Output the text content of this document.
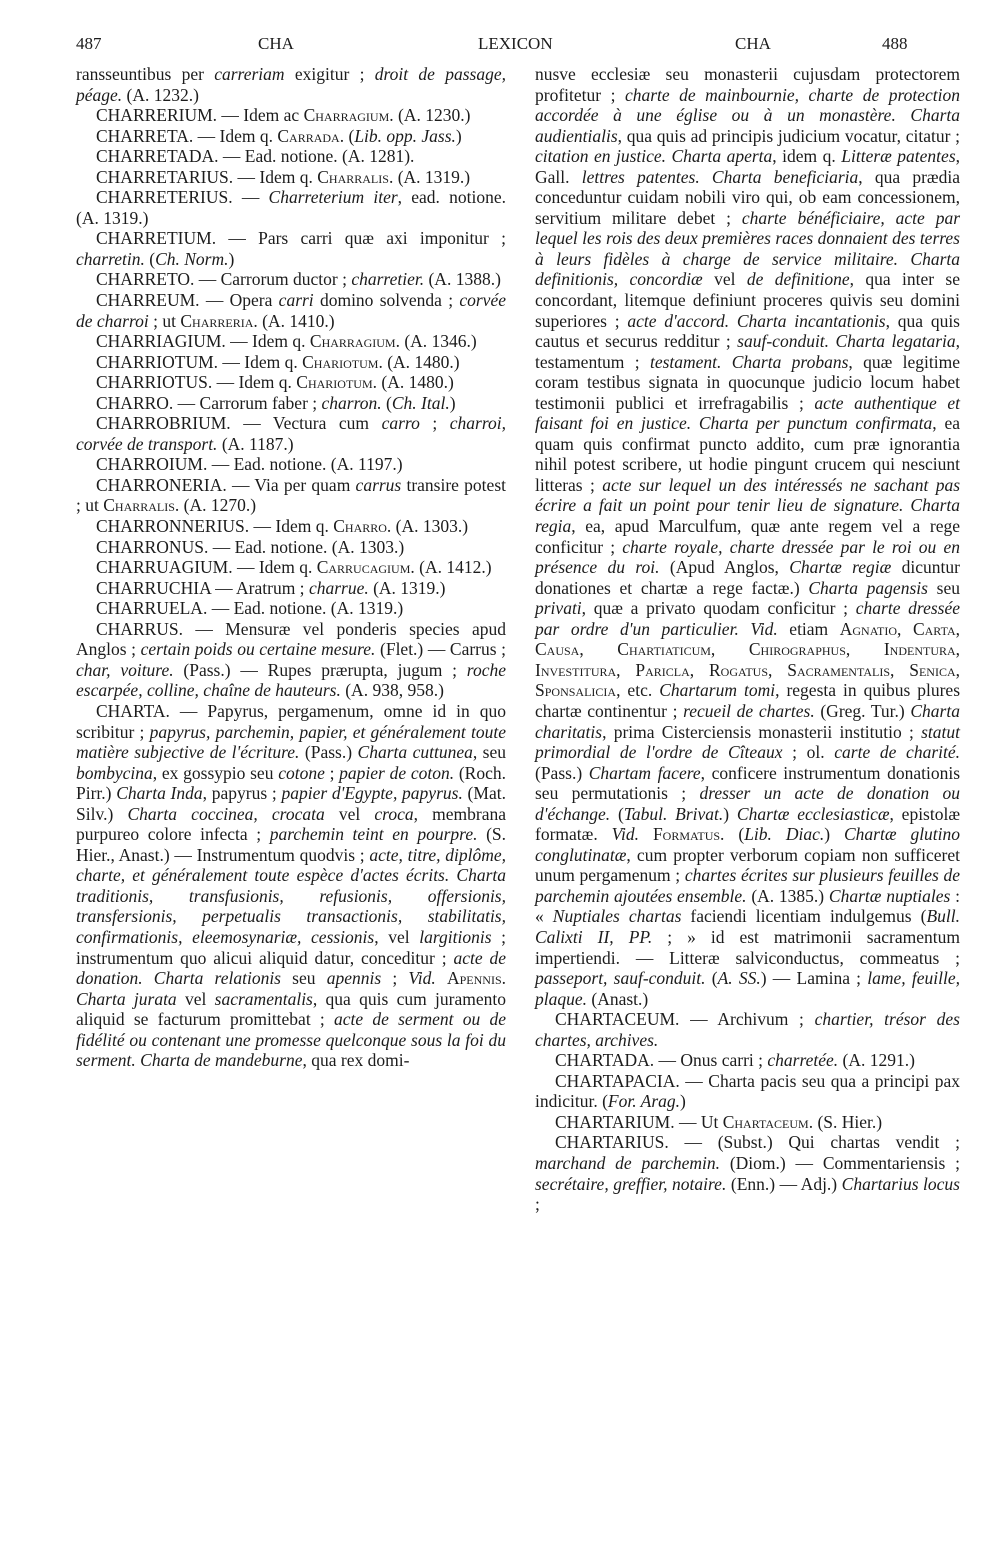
487	CHA	LEXICON	CHA	488

ransseuntibus per carreriam exigitur ; droit de passage, péage. (A. 1232.)

CHARRERIUM. — Idem ac Charragium. (A. 1230.)

CHARRETA. — Idem q. Carrada. (Lib. opp. Jass.)

CHARRETADA. — Ead. notione. (A. 1281).

CHARRETARIUS. — Idem q. Charralis. (A. 1319.)

CHARRETERIUS. — Charreterium iter, ead. notione. (A. 1319.)

CHARRETIUM. — Pars carri quæ axi imponitur ; charretin. (Ch. Norm.)

CHARRETO. — Carrorum ductor ; charretier. (A. 1388.)

CHARREUM. — Opera carri domino solvenda ; corvée de charroi ; ut Charreria. (A. 1410.)

CHARRIAGIUM. — Idem q. Charragium. (A. 1346.)

CHARRIOTUM. — Idem q. Chariotum. (A. 1480.)

CHARRIOTUS. — Idem q. Chariotum. (A. 1480.)

CHARRO. — Carrorum faber ; charron. (Ch. Ital.)

CHARROBRIUM. — Vectura cum carro ; charroi, corvée de transport. (A. 1187.)

CHARROIUM. — Ead. notione. (A. 1197.)

CHARRONERIA. — Via per quam carrus transire potest ; ut Charralis. (A. 1270.)

CHARRONNERIUS. — Idem q. Charro. (A. 1303.)

CHARRONUS. — Ead. notione. (A. 1303.)

CHARRUAGIUM. — Idem q. Carrucagium. (A. 1412.)

CHARRUCHIA — Aratrum ; charrue. (A. 1319.)

CHARRUELA. — Ead. notione. (A. 1319.)

CHARRUS. — Mensuræ vel ponderis species apud Anglos ; certain poids ou certaine mesure. (Flet.) — Carrus ; char, voiture. (Pass.) — Rupes prærupta, jugum ; roche escarpée, colline, chaîne de hauteurs. (A. 938, 958.)

CHARTA. — Papyrus, pergamenum, omne id in quo scribitur ; papyrus, parchemin, papier, et généralement toute matière subjective de l'écriture. (Pass.) Charta cuttunea, seu bombycina, ex gossypio seu cotone ; papier de coton. (Roch. Pirr.) Charta Inda, papyrus ; papier d'Egypte, papyrus. (Mat. Silv.) Charta coccinea, crocata vel croca, membrana purpureo colore infecta ; parchemin teint en pourpre. (S. Hier., Anast.) — Instrumentum quodvis ; acte, titre, diplôme, charte, et généralement toute espèce d'actes écrits. Charta traditionis, transfusionis, refusionis, offersionis, transfersionis, perpetualis transactionis, stabilitatis, confirmationis, eleemosynariæ, cessionis, vel largitionis ; instrumentum quo alicui aliquid datur, conceditur ; acte de donation. Charta relationis seu apennis ; Vid. Apennis. Charta jurata vel sacramentalis, qua quis cum juramento aliquid se facturum promittebat ; acte de serment ou de fidélité ou contenant une promesse quelconque sous la foi du serment. Charta de mandeburne, qua rex domi-

nusve ecclesiæ seu monasterii cujusdam protectorem profitetur ; charte de mainbournie, charte de protection accordée à une église ou à un monastère. Charta audientialis, qua quis ad principis judicium vocatur, citatur ; citation en justice. Charta aperta, idem q. Litteræ patentes, Gall. lettres patentes. Charta beneficiaria, qua prædia conceduntur cuidam nobili viro qui, ob eam concessionem, servitium militare debet ; charte bénéficiaire, acte par lequel les rois des deux premières races donnaient des terres à leurs fidèles à charge de service militaire. Charta definitionis, concordiæ vel de definitione, qua inter se concordant, litemque definiunt proceres quivis seu domini superiores ; acte d'accord. Charta incantationis, qua quis cautus et securus redditur ; sauf-conduit. Charta legataria, testamentum ; testament. Charta probans, quæ legitime coram testibus signata in quocunque judicio locum habet testimonii publici et irrefragabilis ; acte authentique et faisant foi en justice. Charta per punctum confirmata, ea quam quis confirmat puncto addito, cum præ ignorantia nihil potest scribere, ut hodie pingunt crucem qui nesciunt litteras ; acte sur lequel un des intéressés ne sachant pas écrire a fait un point pour tenir lieu de signature. Charta regia, ea, apud Marculfum, quæ ante regem vel a rege conficitur ; charte royale, charte dressée par le roi ou en présence du roi. (Apud Anglos, Chartæ regiæ dicuntur donationes et chartæ a rege factæ.) Charta pagensis seu privati, quæ a privato quodam conficitur ; charte dressée par ordre d'un particulier. Vid. etiam Agnatio, Carta, Causa, Chartiaticum, Chirographus, Indentura, Investitura, Paricla, Rogatus, Sacramentalis, Senica, Sponsalicia, etc. Chartarum tomi, regesta in quibus plures chartæ continentur ; recueil de chartes. (Greg. Tur.) Charta charitatis, prima Cisterciensis monasterii institutio ; statut primordial de l'ordre de Cîteaux ; ol. carte de charité. (Pass.) Chartam facere, conficere instrumentum donationis seu permutationis ; dresser un acte de donation ou d'échange. (Tabul. Brivat.) Chartæ ecclesiasticæ, epistolæ formatæ. Vid. Formatus. (Lib. Diac.) Chartæ glutino conglutinatæ, cum propter verborum copiam non sufficeret unum pergamenum ; chartes écrites sur plusieurs feuilles de parchemin ajoutées ensemble. (A. 1385.) Chartæ nuptiales : « Nuptiales chartas faciendi licentiam indulgemus (Bull. Calixti II, PP. ; » id est matrimonii sacramentum impertiendi. — Litteræ salviconductus, commeatus ; passeport, sauf-conduit. (A. SS.) — Lamina ; lame, feuille, plaque. (Anast.)

CHARTACEUM. — Archivum ; chartier, trésor des chartes, archives.

CHARTADA. — Onus carri ; charretée. (A. 1291.)

CHARTAPACIA. — Charta pacis seu qua a principi pax indicitur. (For. Arag.)

CHARTARIUM. — Ut Chartaceum. (S. Hier.)

CHARTARIUS. — (Subst.) Qui chartas vendit ; marchand de parchemin. (Diom.) — Commentariensis ; secrétaire, greffier, notaire. (Enn.) — Adj.) Chartarius locus ;
